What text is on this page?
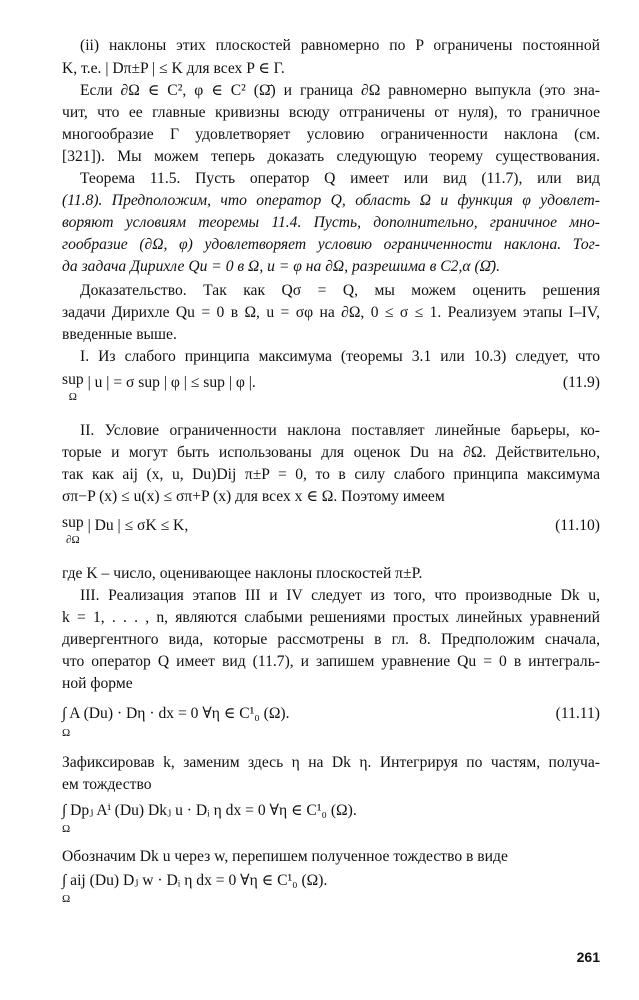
(ii) наклоны этих плоскостей равномерно по P ограничены постоянной
K, т.е. | Dπ±P | ≤ K для всех P ∈ Γ.
Если ∂Ω ∈ C², φ ∈ C² (Ω̄) и граница ∂Ω равномерно выпукла (это зна-
чит, что ее главные кривизны всюду отграничены от нуля), то граничное
многообразие Γ удовлетворяет условию ограниченности наклона (см.
[321]). Мы можем теперь доказать следующую теорему существования.
Теорема 11.5. Пусть оператор Q имеет или вид (11.7), или вид
(11.8). Предположим, что оператор Q, область Ω и функция φ удовлет-
воряют условиям теоремы 11.4. Пусть, дополнительно, граничное мно-
гообразие (∂Ω, φ) удовлетворяет условию ограниченности наклона. Тог-
да задача Дирихле Qu = 0 в Ω, u = φ на ∂Ω, разрешима в C2,α (Ω̄).
Доказательство. Так как Qσ = Q, мы можем оценить решения
задачи Дирихле Qu = 0 в Ω, u = σφ на ∂Ω, 0 ≤ σ ≤ 1. Реализуем этапы I–IV,
введенные выше.
I. Из слабого принципа максимума (теоремы 3.1 или 10.3) следует, что
sup
Ω | u | = σ sup | φ | ≤ sup | φ |.	(11.9)
II. Условие ограниченности наклона поставляет линейные барьеры, ко-
торые и могут быть использованы для оценок Du на ∂Ω. Действительно,
так как aij (x, u, Du)Dij π±P = 0, то в силу слабого принципа максимума
σπ−P (x) ≤ u(x) ≤ σπ+P (x) для всех x ∈ Ω. Поэтому имеем
sup
∂Ω | Du | ≤ σK ≤ K,	(11.10)
где K – число, оценивающее наклоны плоскостей π±P.
III. Реализация этапов III и IV следует из того, что производные Dk u,
k = 1, . . . , n, являются слабыми решениями простых линейных уравнений
дивергентного вида, которые рассмотрены в гл. 8. Предположим сначала,
что оператор Q имеет вид (11.7), и запишем уравнение Qu = 0 в интеграль-
ной форме
∫ A (Du) · Dη · dx = 0 ∀η ∈ C¹₀ (Ω).
Ω
(11.11)
Зафиксировав k, заменим здесь η на Dk η. Интегрируя по частям, получа-
ем тождество
∫ Dpⱼ Aⁱ (Du) Dkⱼ u · Dᵢ η dx = 0 ∀η ∈ C¹₀ (Ω).
Ω
Обозначим Dk u через w, перепишем полученное тождество в виде
∫ aij (Du) Dⱼ w · Dᵢ η dx = 0 ∀η ∈ C¹₀ (Ω).
Ω
261
